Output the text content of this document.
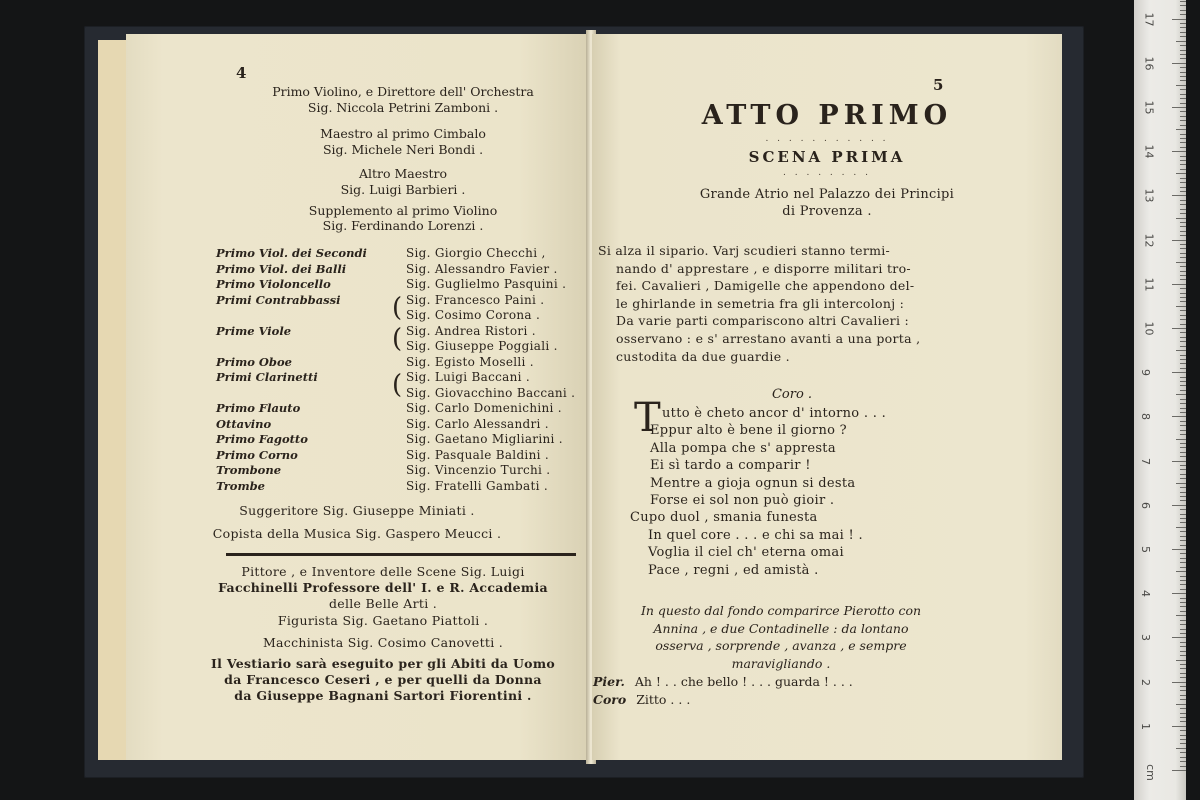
4
Primo Violino, e Direttore dell' Orchestra
Sig. Niccola Petrini Zamboni .
Maestro al primo Cimbalo
Sig. Michele Neri Bondi .
Altro Maestro
Sig. Luigi Barbieri .
Supplemento al primo Violino
Sig. Ferdinando Lorenzi .
Primo Viol. dei Secondi	Sig. Giorgio Checchi ,
Primo Viol. dei Balli	Sig. Alessandro Favier .
Primo Violoncello	Sig. Guglielmo Pasquini .
Primi Contrabbassi	Sig. Francesco Paini .
Sig. Cosimo Corona .
Prime Viole	Sig. Andrea Ristori .
Sig. Giuseppe Poggiali .
Primo Oboe	Sig. Egisto Moselli .
Primi Clarinetti	Sig. Luigi Baccani .
Sig. Giovacchino Baccani .
Primo Flauto	Sig. Carlo Domenichini .
Ottavino	Sig. Carlo Alessandri .
Primo Fagotto	Sig. Gaetano Migliarini .
Primo Corno	Sig. Pasquale Baldini .
Trombone	Sig. Vincenzio Turchi .
Trombe	Sig. Fratelli Gambati .
(
(
(
Suggeritore Sig. Giuseppe Miniati .
Copista della Musica Sig. Gaspero Meucci .
Pittore , e Inventore delle Scene Sig. Luigi
Facchinelli Professore dell' I. e R. Accademia
delle Belle Arti .
Figurista Sig. Gaetano Piattoli .
Macchinista Sig. Cosimo Canovetti .
Il Vestiario sarà eseguito per gli Abiti da Uomo
da Francesco Ceseri , e per quelli da Donna
da Giuseppe Bagnani Sartori Fiorentini .
5
ATTO PRIMO
. . . . . . . . . . .
SCENA PRIMA
. . . . . . . .
Grande Atrio nel Palazzo dei Principi
di Provenza .
Si alza il sipario. Varj scudieri stanno termi-
nando d' apprestare , e disporre militari tro-
fei. Cavalieri , Damigelle che appendono del-
le ghirlande in semetria fra gli intercolonj :
Da varie parti compariscono altri Cavalieri :
osservano : e s' arrestano avanti a una porta ,
custodita da due guardie .
Coro .
T utto è cheto ancor d' intorno . . .
Eppur alto è bene il giorno ?
Alla pompa che s' appresta
Ei sì tardo a comparir !
Mentre a gioja ognun si desta
Forse ei sol non può gioir .
Cupo duol , smania funesta
In quel core . . . e chi sa mai ! .
Voglia il ciel ch' eterna omai
Pace , regni , ed amistà .
In questo dal fondo comparirce Pierotto con
Annina , e due Contadinelle : da lontano
osserva , sorprende , avanza , e sempre
maravigliando .
Pier. Ah ! . . che bello ! . . . guarda ! . . .
Coro Zitto . . .
1
2
3
4
5
6
7
8
9
10
11
12
13
14
15
16
17
cm
